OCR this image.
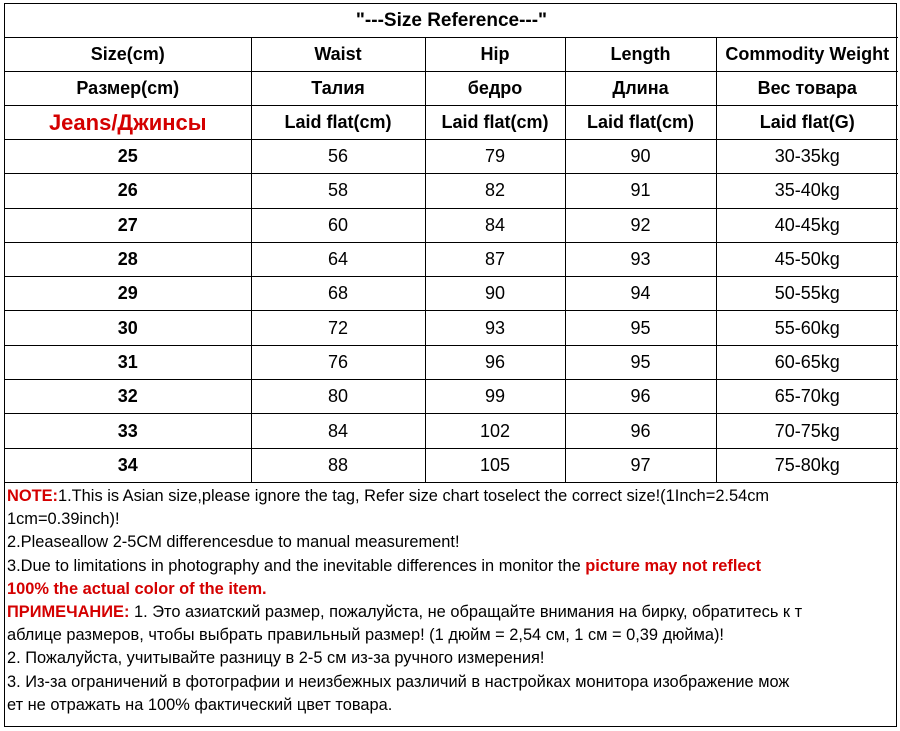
"---Size Reference---"				
Size(cm)	Waist	Hip	Length	Commodity Weight
Размер(cm)	Талия	бедро	Длина	Вес товара
Jeans/Джинсы	Laid flat(cm)	Laid flat(cm)	Laid flat(cm)	Laid flat(G)
25	56	79	90	30-35kg
26	58	82	91	35-40kg
27	60	84	92	40-45kg
28	64	87	93	45-50kg
29	68	90	94	50-55kg
30	72	93	95	55-60kg
31	76	96	95	60-65kg
32	80	99	96	65-70kg
33	84	102	96	70-75kg
34	88	105	97	75-80kg

NOTE:1.This is Asian size,please ignore the tag, Refer size chart toselect the correct size!(1Inch=2.54cm

1cm=0.39inch)!

2.Pleaseallow 2-5CM differencesdue to manual measurement!

3.Due to limitations in photography and the inevitable differences in monitor the picture may not reflect

100% the actual color of the item.

ПРИМЕЧАНИЕ: 1. Это азиатский размер, пожалуйста, не обращайте внимания на бирку, обратитесь к т

аблице размеров, чтобы выбрать правильный размер! (1 дюйм = 2,54 см, 1 см = 0,39 дюйма)!

2. Пожалуйста, учитывайте разницу в 2-5 см из-за ручного измерения!

3. Из-за ограничений в фотографии и неизбежных различий в настройках монитора изображение мож

ет не отражать на 100% фактический цвет товара.
